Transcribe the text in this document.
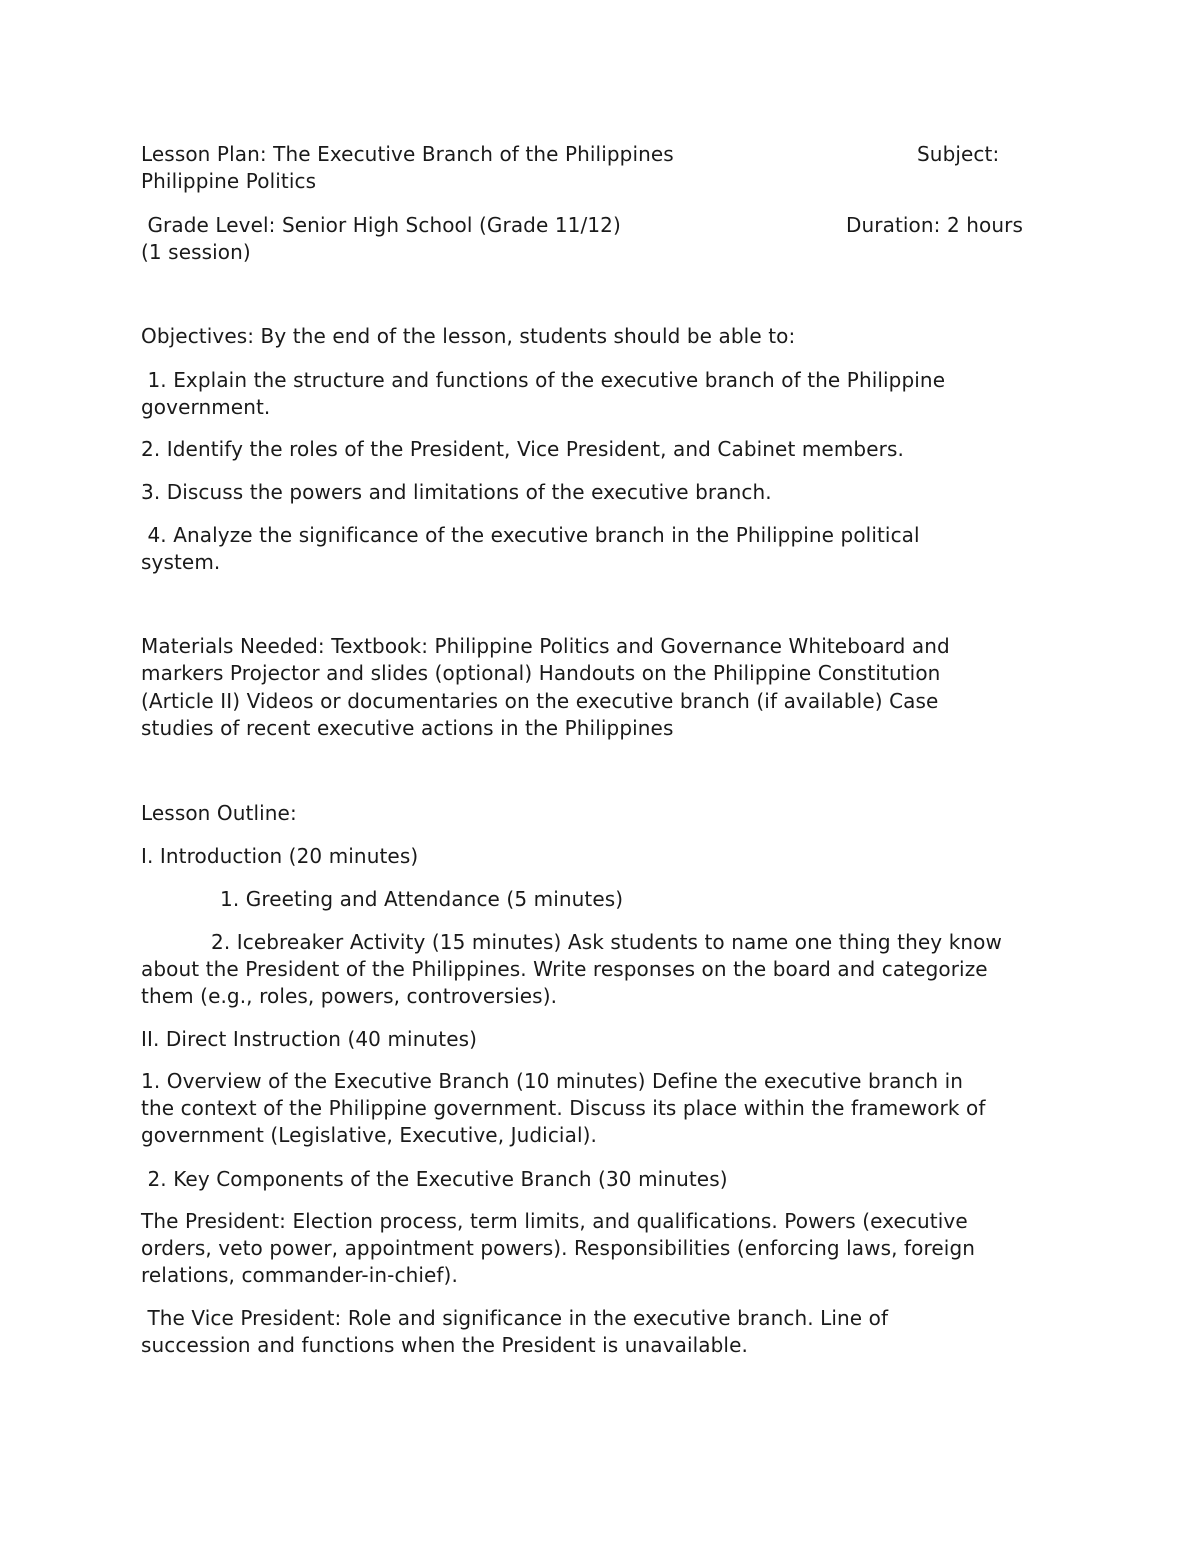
Lesson Plan: The Executive Branch of the Philippines	Subject:
Philippine Politics
Grade Level: Senior High School (Grade 11/12)	Duration: 2 hours
(1 session)
Objectives: By the end of the lesson, students should be able to:
1. Explain the structure and functions of the executive branch of the Philippine
government.
2. Identify the roles of the President, Vice President, and Cabinet members.
3. Discuss the powers and limitations of the executive branch.
4. Analyze the significance of the executive branch in the Philippine political
system.
Materials Needed: Textbook: Philippine Politics and Governance Whiteboard and
markers Projector and slides (optional) Handouts on the Philippine Constitution
(Article II) Videos or documentaries on the executive branch (if available) Case
studies of recent executive actions in the Philippines
Lesson Outline:
I. Introduction (20 minutes)
1. Greeting and Attendance (5 minutes)
2. Icebreaker Activity (15 minutes) Ask students to name one thing they know
about the President of the Philippines. Write responses on the board and categorize
them (e.g., roles, powers, controversies).
II. Direct Instruction (40 minutes)
1. Overview of the Executive Branch (10 minutes) Define the executive branch in
the context of the Philippine government. Discuss its place within the framework of
government (Legislative, Executive, Judicial).
2. Key Components of the Executive Branch (30 minutes)
The President: Election process, term limits, and qualifications. Powers (executive
orders, veto power, appointment powers). Responsibilities (enforcing laws, foreign
relations, commander-in-chief).
The Vice President: Role and significance in the executive branch. Line of
succession and functions when the President is unavailable.
